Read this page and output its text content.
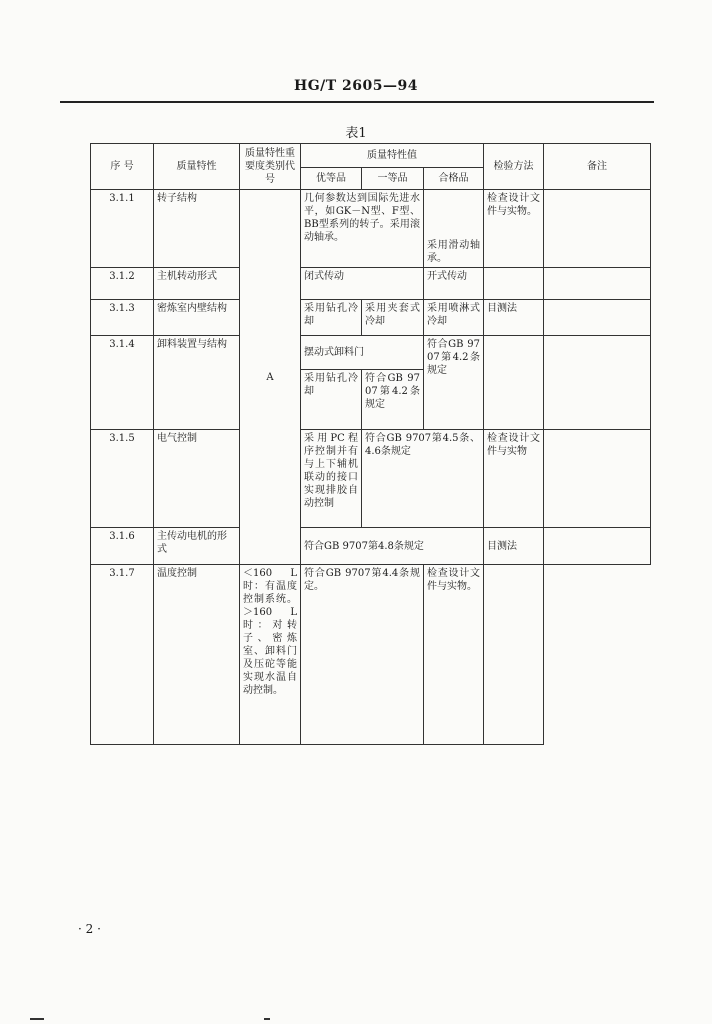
HG/T 2605—94
表1
序 号	质量特性	质量特性重要度类别代号	质量特性值			检验方法	备注
			优等品	一等品	合格品		
3.1.1	转子结构	A	几何参数达到国际先进水平，如GK－N型、F型、BB型系列的转子。采用滚动轴承。		采用滑动轴承。	检查设计文件与实物。	
3.1.2	主机转动形式		闭式传动		开式传动		
3.1.3	密炼室内壁结构		采用钻孔冷却	采用夹套式冷却	采用喷淋式冷却	目测法	
3.1.4	卸料装置与结构		摆动式卸料门		符合GB 9707第4.2条规定		
			采用钻孔冷却	符合GB 9707第4.2条规定			
3.1.5	电气控制		采用PC程序控制并有与上下辅机联动的接口实现排胶自动控制	符合GB 9707第4.5条、4.6条规定		检查设计文件与实物	
3.1.6	主传动电机的形式		符合GB 9707第4.8条规定			目测法	
3.1.7	温度控制	＜160 L时：有温度控制系统。＞160 L时：对转子、密炼室、卸料门及压砣等能实现水温自动控制。	符合GB 9707第4.4条规定。		检查设计文件与实物。		
· 2 ·
